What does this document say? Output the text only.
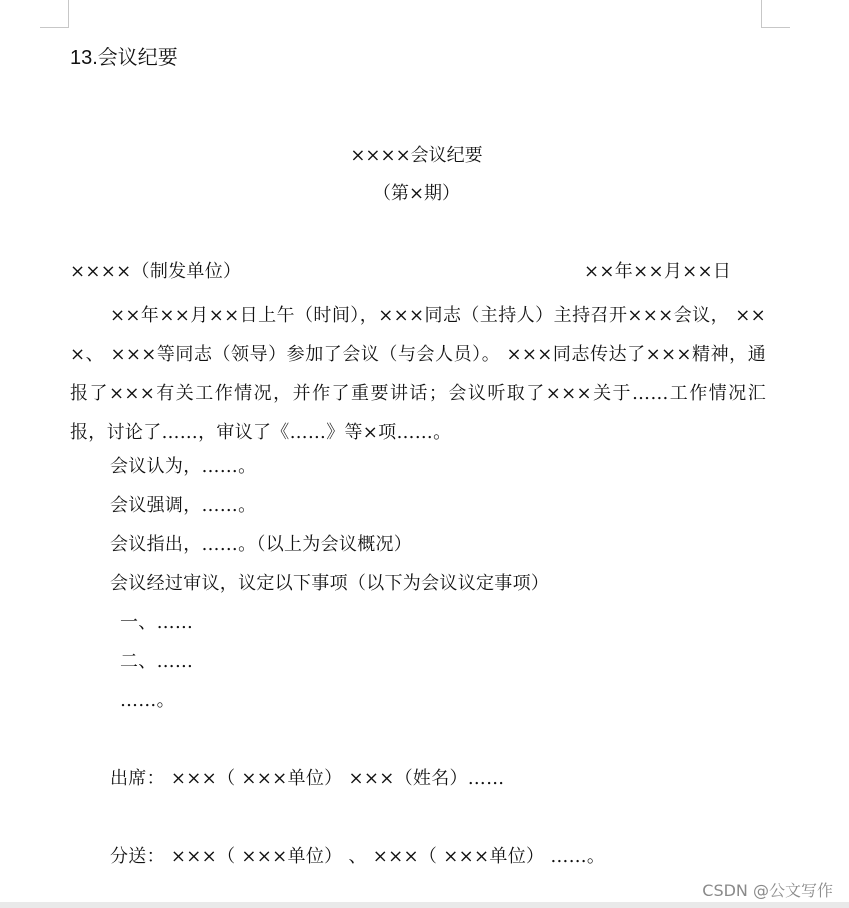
13.会议纪要
××××会议纪要
（第×期）
××××（制发单位）	××年××月××日
××年××月××日上午（时间），×××同志（主持人）主持召开×××会议， ×××、 ×××等同志（领导）参加了会议（与会人员）。 ×××同志传达了×××精神，通报了×××有关工作情况，并作了重要讲话；会议听取了×××关于……工作情况汇报，讨论了……，审议了《……》等×项……。
会议认为，……。
会议强调，……。
会议指出，……。（以上为会议概况）
会议经过审议，议定以下事项（以下为会议议定事项）
一、……
二、……
……。
出席： ×××（ ×××单位） ×××（姓名）……
分送： ×××（ ×××单位） 、 ×××（ ×××单位） ……。
CSDN @公文写作
